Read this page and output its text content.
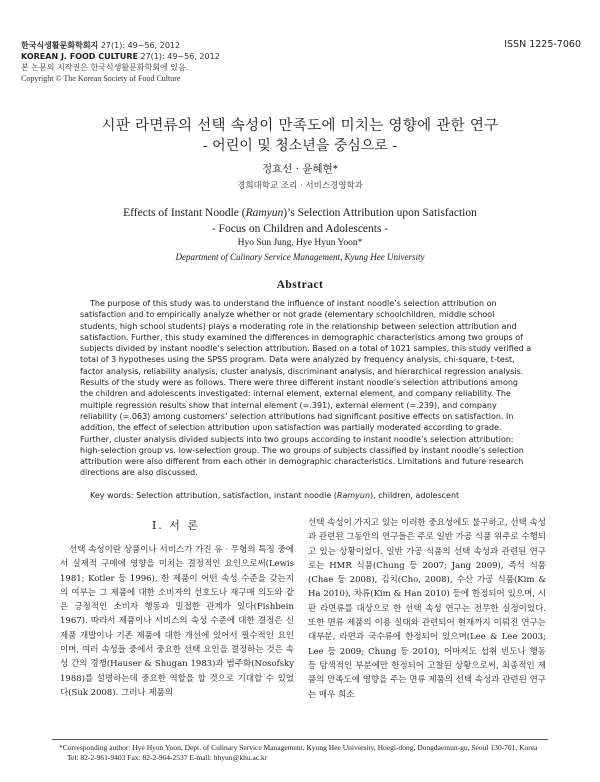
한국식생활문화학회지 27(1): 49~56, 2012
KOREAN J. FOOD CULTURE 27(1): 49~56, 2012
본 논문의 저작권은 한국식생활문화학회에 있음.
Copyright © The Korean Society of Food Culture
ISSN 1225-7060
시판 라면류의 선택 속성이 만족도에 미치는 영향에 관한 연구
- 어린이 및 청소년을 중심으로 -
정효선 · 윤혜현*
경희대학교 조리 · 서비스경영학과
Effects of Instant Noodle (Ramyun)’s Selection Attribution upon Satisfaction
- Focus on Children and Adolescents -
Hyo Sun Jung, Hye Hyun Yoon*
Department of Culinary Service Management, Kyung Hee University
Abstract
The purpose of this study was to understand the influence of instant noodle’s selection attribution on satisfaction and to empirically analyze whether or not grade (elementary schoolchildren, middle school students, high school students) plays a moderating role in the relationship between selection attribution and satisfaction. Further, this study examined the differences in demographic characteristics among two groups of subjects divided by instant noodle’s selection attribution. Based on a total of 1021 samples, this study verified a total of 3 hypotheses using the SPSS program. Data were analyzed by frequency analysis, chi-square, t-test, factor analysis, reliability analysis, cluster analysis, discriminant analysis, and hierarchical regression analysis. Results of the study were as follows. There were three different instant noodle’s selection attributions among the children and adolescents investigated: internal element, external element, and company reliability. The multiple regression results show that internal element (=.391), external element (=.239), and company reliability (=.063) among customers’ selection attributions had significant positive effects on satisfaction. In addition, the effect of selection attribution upon satisfaction was partially moderated according to grade. Further, cluster analysis divided subjects into two groups according to instant noodle’s selection attribution: high-selection group vs. low-selection group. The wo groups of subjects classified by instant noodle’s selection attribution were also different from each other in demographic characteristics. Limitations and future research directions are also discussed.
Key words: Selection attribution, satisfaction, instant noodle (Ramyun), children, adolescent
Ⅰ. 서 론
선택 속성이란 상품이나 서비스가 가진 유 · 무형의 특징 중에서 실제적 구매에 영향을 미치는 결정적인 요인으로써(Lewis 1981; Kotler 등 1996), 한 제품이 어떤 속성 수준을 갖는지의 여부는 그 제품에 대한 소비자의 선호도나 재구매 의도와 같은 긍정적인 소비자 행동과 밀접한 관계가 있다(Fishbein 1967). 따라서 제품이나 서비스의 속성 수준에 대한 결정은 신제품 개발이나 기존 제품에 대한 개선에 있어서 필수적인 요인이며, 여러 속성들 중에서 중요한 선택 요인을 결정하는 것은 속성 간의 경쟁(Hauser & Shugan 1983)과 범주화(Nosofsky 1988)를 설명하는데 중요한 역할을 할 것으로 기대할 수 있었다(Suk 2008). 그러나 제품의
선택 속성이 가지고 있는 이러한 중요성에도 불구하고, 선택 속성과 관련된 그동안의 연구들은 주로 일반 가공 식품 위주로 수행되고 있는 상황이었다. 일반 가공 식품의 선택 속성과 관련된 연구로는 HMR 식품(Chung 등 2007; Jang 2009), 즉석 식품(Chae 등 2008), 김치(Cho, 2008), 수산 가공 식품(Kim & Ha 2010), 차류(Kim & Han 2010) 등에 한정되어 있으며, 시판 라면류를 대상으로 한 선택 속성 연구는 전무한 실정이었다. 또한 면류 제품의 이용 실태와 관련되어 현재까지 이뤄진 연구는 대부분, 라면과 국수류에 한정되어 있으며(Lee & Lee 2003; Lee 등 2009; Chung 등 2010), 어마저도 섭취 빈도나 행동 등 탐색적인 부분에만 한정되어 고찰된 상황으로써, 최종적인 제품의 만족도에 영향을 주는 면류 제품의 선택 속성과 관련된 연구는 매우 희소
*Corresponding author: Hye Hyun Yoon, Dept. of Culinary Service Management, Kyung Hee University, Hoegi-dong, Dongdaemun-gu, Seoul 130-701, Korea
Tel: 82-2-961-9403 Fax: 82-2-964-2537 E-mail: hhyun@khu.ac.kr
